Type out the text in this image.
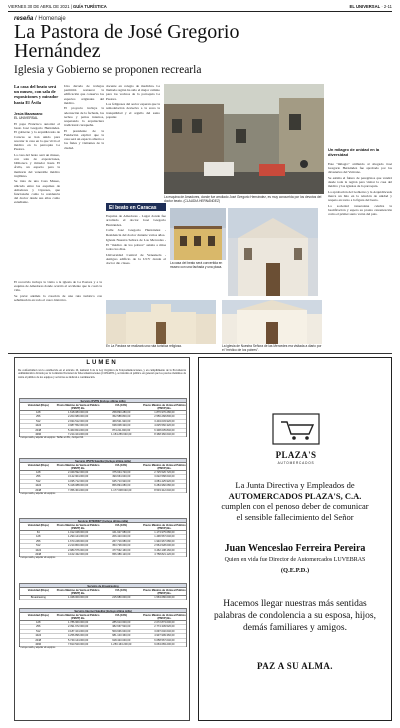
VIERNES 30 DE ABRIL DE 2021 | GUÍA TURÍSTICA	EL UNIVERSAL · 2-11
reseña / Homenaje
La Pastora de José Gregorio Hernández
Iglesia y Gobierno se proponen recrearla
La casa del beato será un museo, con sala de exposiciones y mirador hasta El Ávila
Jesús Mazzacano
EL UNIVERSAL

El papa Francisco autorizó el beato José Gregorio Hernández. El gobierno y la arquidiócesis de Caracas se han unido para rescatar la casa en la que vivió el médico en la parroquia La Pastora.

La casa del beato será un museo, con sala de exposiciones, biblioteca y mirador hasta El Ávila, un espacio para la memoria del venerable médico trujillano.

Se trata de una Casa Museo, ubicada entre las esquinas de Amadores y Cipreses, que funcionaba como la residencia del doctor desde sus años como estudiante.

Una década de trabajos permitirá restaurar la edificación que conserva los espacios originales del médico.

El proyecto incluye la adecuación de la fachada, los techos y patios internos, respetando la arquitectura tradicional caraqueña.

El presidente de la Fundación explicó que la casa será un espacio abierto a los fieles y visitantes de la ciudad.

docente en colegio de medicina. La llamada región ha sido el mejor camino para los vecinos de la parroquia La Pastora.

Los feligreses del sector esperan que la remodelación devuelva a la zona la tranquilidad y el orgullo del santo popular.

El recorrido incluye la visita a la iglesia de La Pastora y a la esquina de Amadores donde ocurrió el accidente que le costó la vida.

Se prevé además la creación de una ruta turística con señalización en todo el casco histórico.

La esquina de Amadores, donde fue arrollado José Gregorio Hernández, es muy concurrida por los devotos del doctor beato. (CLAUDIA HERNÁNDEZ)
Un milagro de unidad en la diversidad

Este "milagro" atribuido al abogado José Gregorio Hernández fue aprobado por los dicasterios del Vaticano.

Se estima el futuro de peregrinos que vendrá desde toda la región para visitar la casa del médico y las iglesias de la parroquia.

La aprobación del Gobierno y la Arquidiócesis marca un hito en la relación de unidad y respeto en torno a la figura del beato.

La sociedad venezolana celebra la beatificación y espera su pronta canonización como el primer santo varón del país.

El beato en Caracas

Esquina de Amadores - Lugar donde fue arrollado el doctor José Gregorio Hernández.

Calle José Gregorio Hernández - Residencia del doctor durante varios años.

Iglesia Nuestra Señora de Las Mercedes - El "médico de los pobres" asistía a misa todos los días.

Universidad Central de Venezuela - Antiguo edificio de la UCV donde el doctor dio clases.	La casa del beato será convertida en museo con una fachada y una placa.
En La Pastora se realizará una ruta turística religiosa.	La iglesia de Nuestra Señora de las Mercedes era visitada a diario por el "médico de los pobres".
LUMEN
De conformidad con lo establecido en el artículo 10, numeral 6 de la Ley Orgánica de Telecomunicaciones, y en cumplimiento de la Providencia Administrativa dictada por la Comisión Nacional de Telecomunicaciones (CONATEL), se informa al público en general que los precios máximos de venta al público de los equipos y servicios se indican a continuación.
Servicio IPVPN (Incluye última milla)
Velocidad (Kbps)	Precio Máximo de Venta al Público (PMVP) Bs.
IVA (16%)	Precio Máximo de Venta al Público (PMVP) Bs.
128	1.618.083.000,00	258.893.280,00	1.876.976.280,00
256	2.203.680.000,00	352.588.800,00	2.556.268.800,00
512	2.934.512.000,00	469.521.920,00	3.404.033.920,00
1024	3.987.552.000,00	638.008.320,00	4.625.560.320,00
2048	5.463.824.000,00	874.211.840,00	6.338.035.840,00
4096	7.214.104.000,00	1.154.256.640,00	8.368.360.640,00
* Incluye tarifa y alquiler de equipos. Tarifas en Bs., incluye IVA.
Servicio IPVPN Satelital (Incluye última milla)
Velocidad (Kbps)	Precio Máximo de Venta al Público (PMVP) Bs.
IVA (16%)	Precio Máximo de Venta al Público (PMVP) Bs.
128	2.349.592.000,00	375.934.720,00	2.725.526.720,00
256	3.122.904.000,00	499.664.640,00	3.622.568.640,00
512	4.035.712.000,00	645.713.920,00	4.681.425.920,00
1024	5.418.088.000,00	866.894.080,00	6.284.982.080,00
2048	7.356.304.000,00	1.177.008.640,00	8.533.312.640,00
* Incluye tarifa y alquiler de equipos.
Servicio INTERNET (Incluye última milla)
Velocidad (Kbps)	Precio Máximo de Venta al Público (PMVP) Bs.
IVA (16%)	Precio Máximo de Venta al Público (PMVP) Bs.
64	1.012.048.000,00	161.927.680,00	1.173.975.680,00
128	1.290.144.000,00	206.423.040,00	1.496.567.040,00
256	1.673.248.000,00	267.719.680,00	1.940.967.680,00
512	2.210.800.000,00	353.728.000,00	2.564.528.000,00
1024	2.984.576.000,00	477.532.160,00	3.462.108.160,00
2048	4.102.432.000,00	656.389.120,00	4.758.821.120,00
* Incluye tarifa y alquiler de equipos.
Servicio de Broadcasting
Velocidad (Kbps)	Precio Máximo de Venta al Público (PMVP) Bs.
IVA (16%)	Precio Máximo de Venta al Público (PMVP) Bs.
Broadcasting	1.348.000.000,00	215.680.000,00	1.563.680.000,00
Servicio Internet Satelital (Incluye última milla)
Velocidad (Kbps)	Precio Máximo de Venta al Público (PMVP) Bs.
IVA (16%)	Precio Máximo de Venta al Público (PMVP) Bs.
128	1.786.960.000,00	285.913.600,00	2.072.873.600,00
256	2.391.672.000,00	382.667.520,00	2.774.339.520,00
512	3.187.104.000,00	509.936.640,00	3.697.040.640,00
1024	4.256.896.000,00	681.103.360,00	4.937.999.360,00
2048	5.740.144.000,00	918.423.040,00	6.658.567.040,00
4096	7.813.520.000,00	1.250.163.200,00	9.063.683.200,00
* Incluye tarifa y alquiler de equipos.
PLAZA'S
AUTOMERCADOS
La Junta Directiva y Empleados de
AUTOMERCADOS PLAZA'S, C.A.
cumplen con el penoso deber de comunicar
el sensible fallecimiento del Señor
Juan Wenceslao Ferreira Pereira
Quien en vida fue Director de Automercados LUVEBRAS
(Q.E.P.D.)
Hacemos llegar nuestras más sentidas palabras de condolencia a su esposa, hijos, demás familiares y amigos.
PAZ A SU ALMA.
